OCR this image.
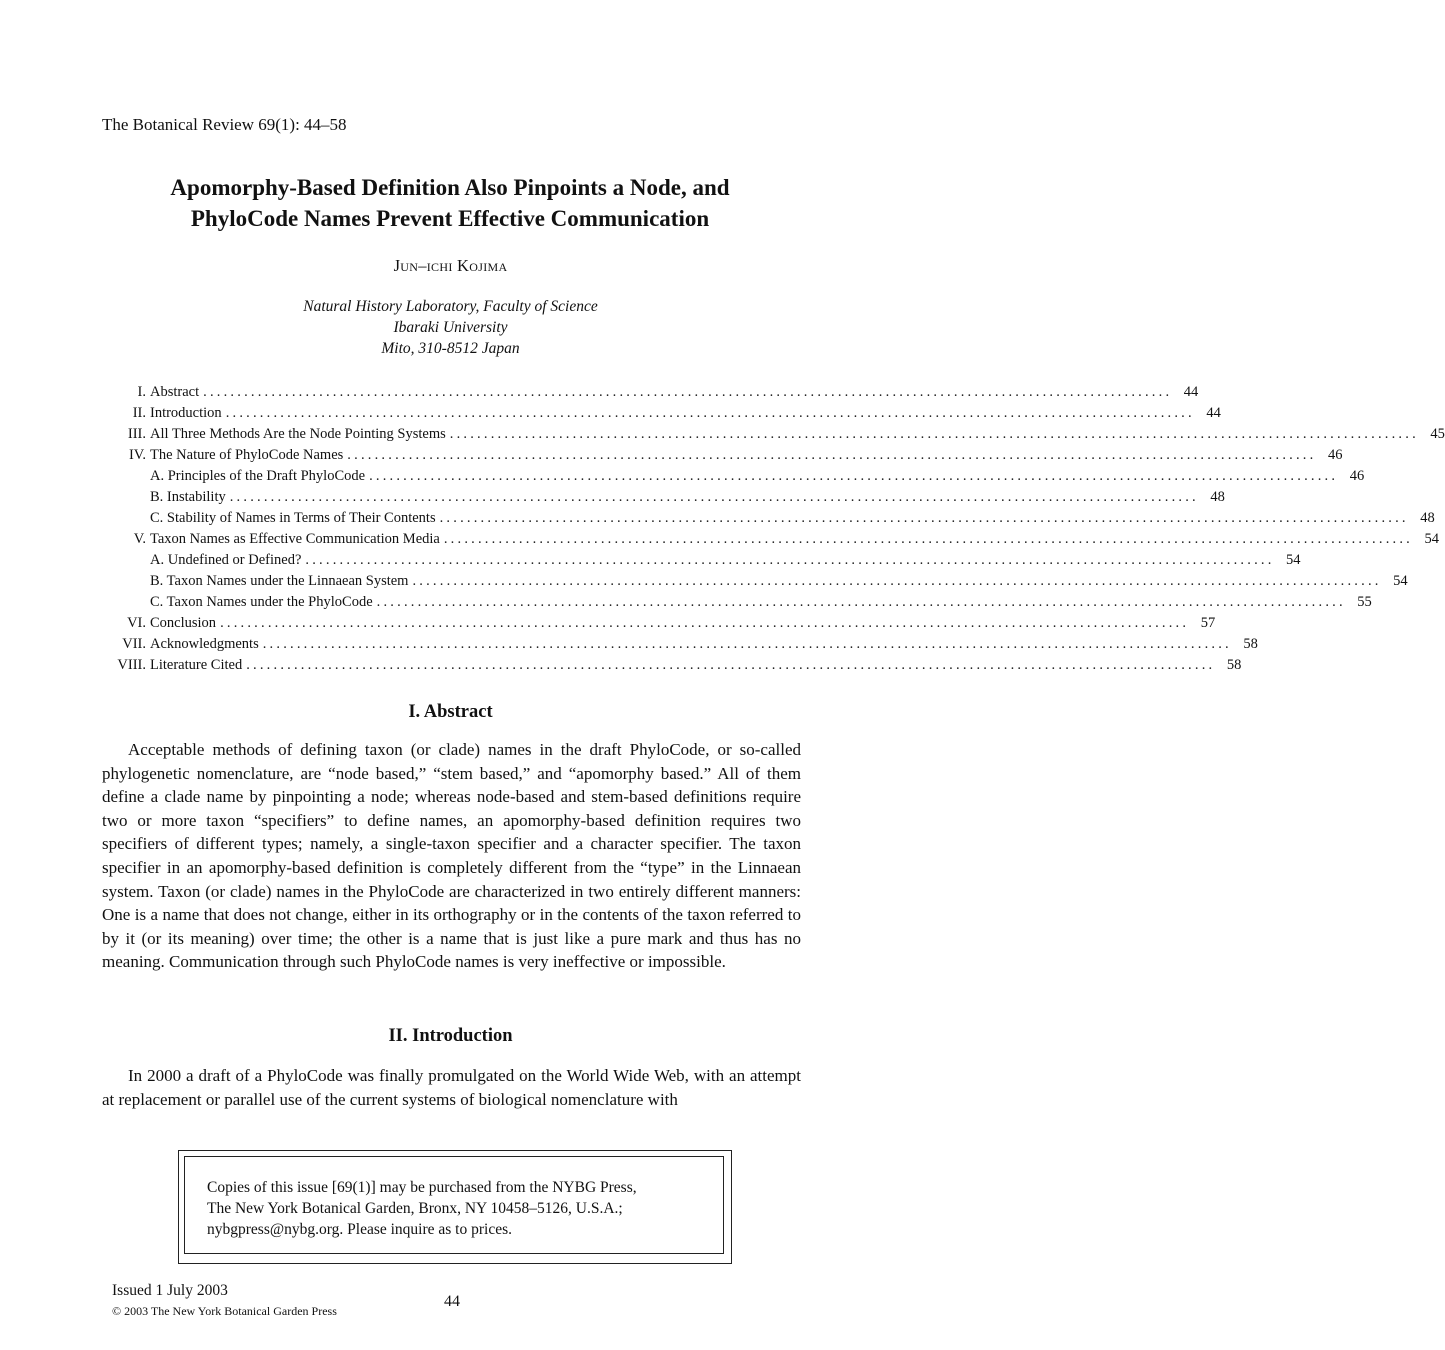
The Botanical Review 69(1): 44–58
Apomorphy-Based Definition Also Pinpoints a Node, and
PhyloCode Names Prevent Effective Communication
Jun–ichi Kojima
Natural History Laboratory, Faculty of Science
Ibaraki University
Mito, 310-8512 Japan
I. Abstract .............................................................................................................................................. 44
II. Introduction .............................................................................................................................................. 44
III. All Three Methods Are the Node Pointing Systems .............................................................................................................................................. 45
IV. The Nature of PhyloCode Names .............................................................................................................................................. 46
A. Principles of the Draft PhyloCode .............................................................................................................................................. 46
B. Instability .............................................................................................................................................. 48
C. Stability of Names in Terms of Their Contents .............................................................................................................................................. 48
V. Taxon Names as Effective Communication Media .............................................................................................................................................. 54
A. Undefined or Defined? .............................................................................................................................................. 54
B. Taxon Names under the Linnaean System .............................................................................................................................................. 54
C. Taxon Names under the PhyloCode .............................................................................................................................................. 55
VI. Conclusion .............................................................................................................................................. 57
VII. Acknowledgments .............................................................................................................................................. 58
VIII. Literature Cited .............................................................................................................................................. 58
I. Abstract
Acceptable methods of defining taxon (or clade) names in the draft PhyloCode, or so-called phylogenetic nomenclature, are “node based,” “stem based,” and “apomorphy based.” All of them define a clade name by pinpointing a node; whereas node-based and stem-based definitions require two or more taxon “specifiers” to define names, an apomorphy-based definition requires two specifiers of different types; namely, a single-taxon specifier and a character specifier. The taxon specifier in an apomorphy-based definition is completely different from the “type” in the Linnaean system. Taxon (or clade) names in the PhyloCode are characterized in two entirely different manners: One is a name that does not change, either in its orthography or in the contents of the taxon referred to by it (or its meaning) over time; the other is a name that is just like a pure mark and thus has no meaning. Communication through such PhyloCode names is very ineffective or impossible.
II. Introduction
In 2000 a draft of a PhyloCode was finally promulgated on the World Wide Web, with an attempt at replacement or parallel use of the current systems of biological nomenclature with
Copies of this issue [69(1)] may be purchased from the NYBG Press,
The New York Botanical Garden, Bronx, NY 10458–5126, U.S.A.;
nybgpress@nybg.org. Please inquire as to prices.
Issued 1 July 2003
© 2003 The New York Botanical Garden Press
44
